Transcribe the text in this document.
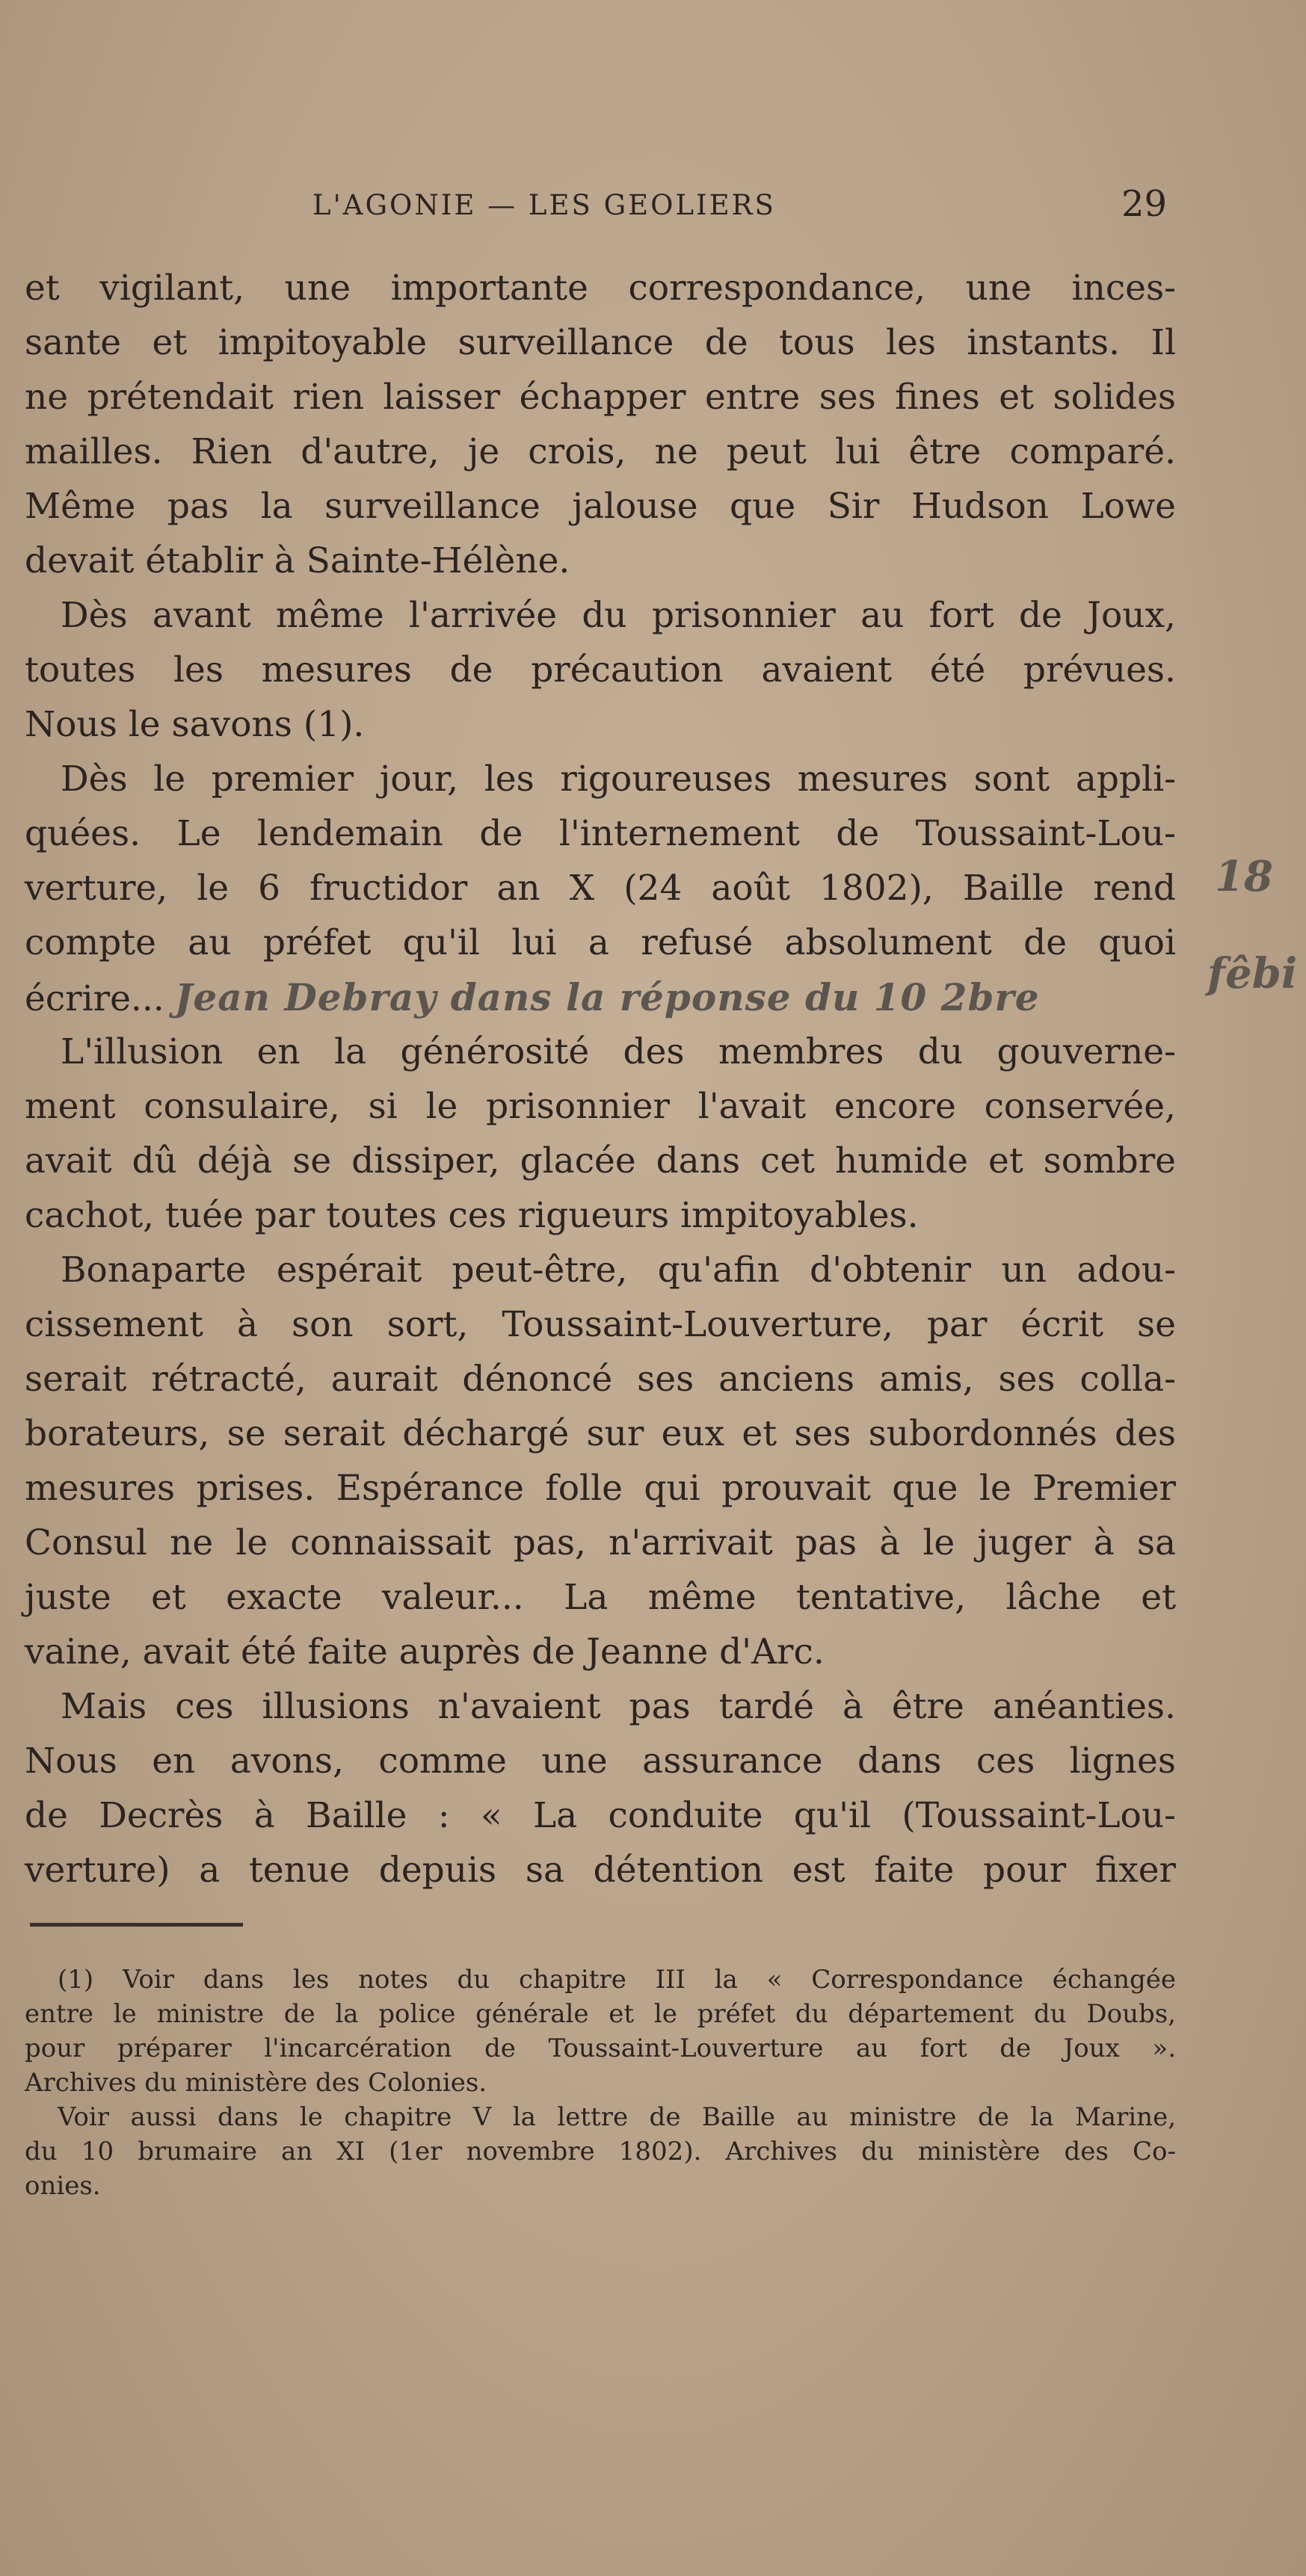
L'AGONIE — LES GEOLIERS	29
et vigilant, une importante correspondance, une inces-
sante et impitoyable surveillance de tous les instants. Il
ne prétendait rien laisser échapper entre ses fines et solides
mailles. Rien d'autre, je crois, ne peut lui être comparé.
Même pas la surveillance jalouse que Sir Hudson Lowe
devait établir à Sainte-Hélène.
Dès avant même l'arrivée du prisonnier au fort de Joux,
toutes les mesures de précaution avaient été prévues.
Nous le savons (1).
Dès le premier jour, les rigoureuses mesures sont appli-
quées. Le lendemain de l'internement de Toussaint-Lou-
verture, le 6 fructidor an X (24 août 1802), Baille rend
compte au préfet qu'il lui a refusé absolument de quoi
écrire... Jean Debray dans la réponse du 10 2bre
L'illusion en la générosité des membres du gouverne-
ment consulaire, si le prisonnier l'avait encore conservée,
avait dû déjà se dissiper, glacée dans cet humide et sombre
cachot, tuée par toutes ces rigueurs impitoyables.
Bonaparte espérait peut-être, qu'afin d'obtenir un adou-
cissement à son sort, Toussaint-Louverture, par écrit se
serait rétracté, aurait dénoncé ses anciens amis, ses colla-
borateurs, se serait déchargé sur eux et ses subordonnés des
mesures prises. Espérance folle qui prouvait que le Premier
Consul ne le connaissait pas, n'arrivait pas à le juger à sa
juste et exacte valeur... La même tentative, lâche et
vaine, avait été faite auprès de Jeanne d'Arc.
Mais ces illusions n'avaient pas tardé à être anéanties.
Nous en avons, comme une assurance dans ces lignes
de Decrès à Baille : « La conduite qu'il (Toussaint-Lou-
verture) a tenue depuis sa détention est faite pour fixer
18
fêbi
(1) Voir dans les notes du chapitre III la « Correspondance échangée
entre le ministre de la police générale et le préfet du département du Doubs,
pour préparer l'incarcération de Toussaint-Louverture au fort de Joux ».
Archives du ministère des Colonies.
Voir aussi dans le chapitre V la lettre de Baille au ministre de la Marine,
du 10 brumaire an XI (1er novembre 1802). Archives du ministère des Co-
onies.
